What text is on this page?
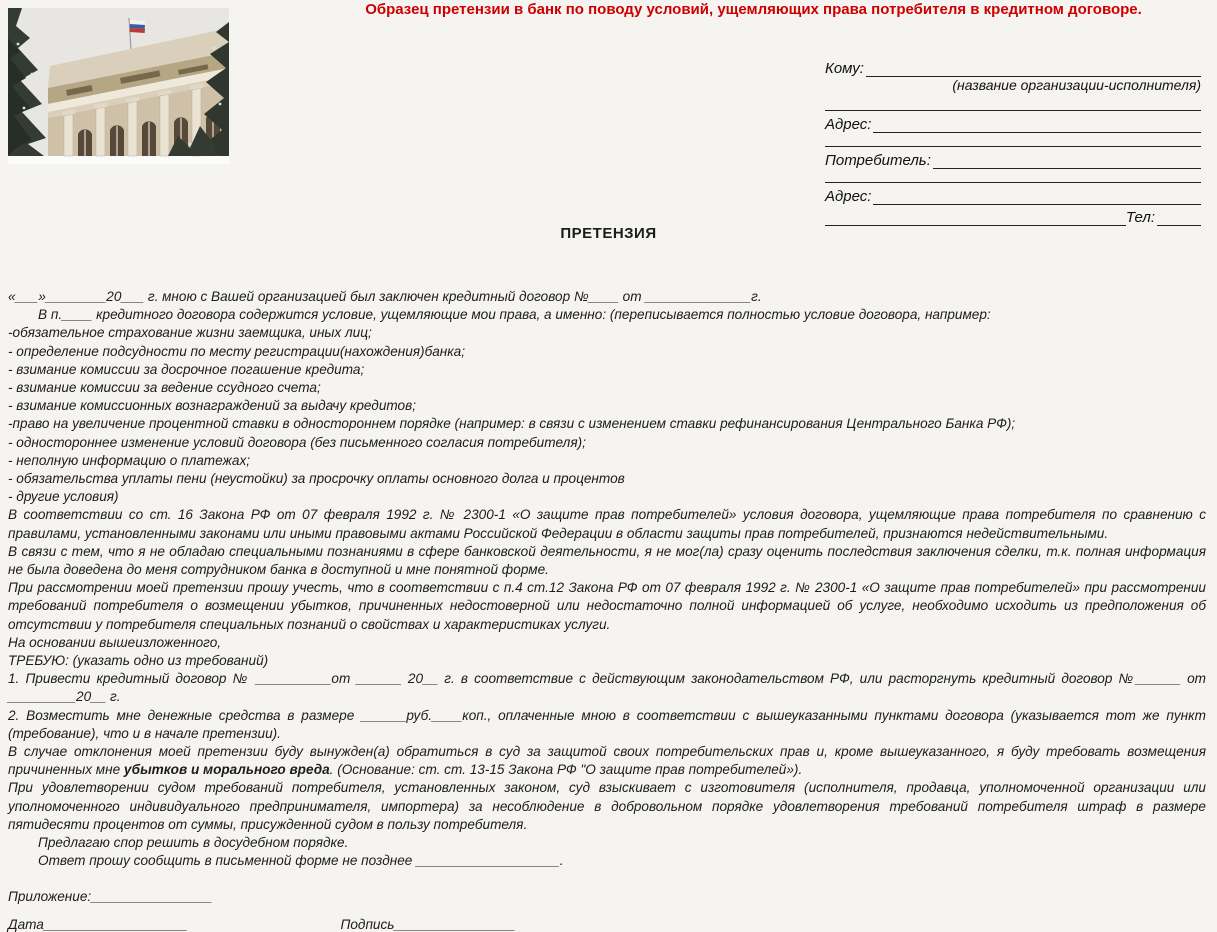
Образец претензии в банк по поводу условий, ущемляющих права потребителя в кредитном договоре.
Кому:
(название организации-исполнителя)
Адрес:
Потребитель:
Адрес:
Тел:
ПРЕТЕНЗИЯ

«___»________20___ г. мною с Вашей организацией был заключен кредитный договор №____ от ______________г.

В п.____ кредитного договора содержится условие, ущемляющие мои права, а именно: (переписывается полностью условие договора, например:

-обязательное страхование жизни заемщика, иных лиц;

- определение подсудности по месту регистрации(нахождения)банка;

- взимание комиссии за досрочное погашение кредита;

- взимание комиссии за ведение ссудного счета;

- взимание комиссионных вознаграждений за выдачу кредитов;

-право на увеличение процентной ставки в одностороннем порядке (например: в связи с изменением ставки рефинансирования Центрального Банка РФ);

- одностороннее изменение условий договора (без письменного согласия потребителя);

- неполную информацию о платежах;

- обязательства уплаты пени (неустойки) за просрочку оплаты основного долга и процентов

- другие условия)

В соответствии со ст. 16 Закона РФ от 07 февраля 1992 г. № 2300-1 «О защите прав потребителей» условия договора, ущемляющие права потребителя по сравнению с правилами, установленными законами или иными правовыми актами Российской Федерации в области защиты прав потребителей, признаются недействительными.

В связи с тем, что я не обладаю специальными познаниями в сфере банковской деятельности, я не мог(ла) сразу оценить последствия заключения сделки, т.к. полная информация не была доведена до меня сотрудником банка в доступной и мне понятной форме.

При рассмотрении моей претензии прошу учесть, что в соответствии с п.4 ст.12 Закона РФ от 07 февраля 1992 г. № 2300-1 «О защите прав потребителей» при рассмотрении требований потребителя о возмещении убытков, причиненных недостоверной или недостаточно полной информацией об услуге, необходимо исходить из предположения об отсутствии у потребителя специальных познаний о свойствах и характеристиках услуги.

На основании вышеизложенного,

ТРЕБУЮ: (указать одно из требований)

1. Привести кредитный договор № __________от ______ 20__ г. в соответствие с действующим законодательством РФ, или расторгнуть кредитный договор №______ от _________20__ г.

2. Возместить мне денежные средства в размере ______руб.____коп., оплаченные мною в соответствии с вышеуказанными пунктами договора (указывается тот же пункт (требование), что и в начале претензии).

В случае отклонения моей претензии буду вынужден(а) обратиться в суд за защитой своих потребительских прав и, кроме вышеуказанного, я буду требовать возмещения причиненных мне убытков и морального вреда. (Основание: ст. ст. 13-15 Закона РФ "О защите прав потребителей»).

При удовлетворении судом требований потребителя, установленных законом, суд взыскивает с изготовителя (исполнителя, продавца, уполномоченной организации или уполномоченного индивидуального предпринимателя, импортера) за несоблюдение в добровольном порядке удовлетворения требований потребителя штраф в размере пятидесяти процентов от суммы, присужденной судом в пользу потребителя.

Предлагаю спор решить в досудебном порядке.

Ответ прошу сообщить в письменной форме не позднее ___________________.

Приложение:________________
Дата___________________	Подпись________________
